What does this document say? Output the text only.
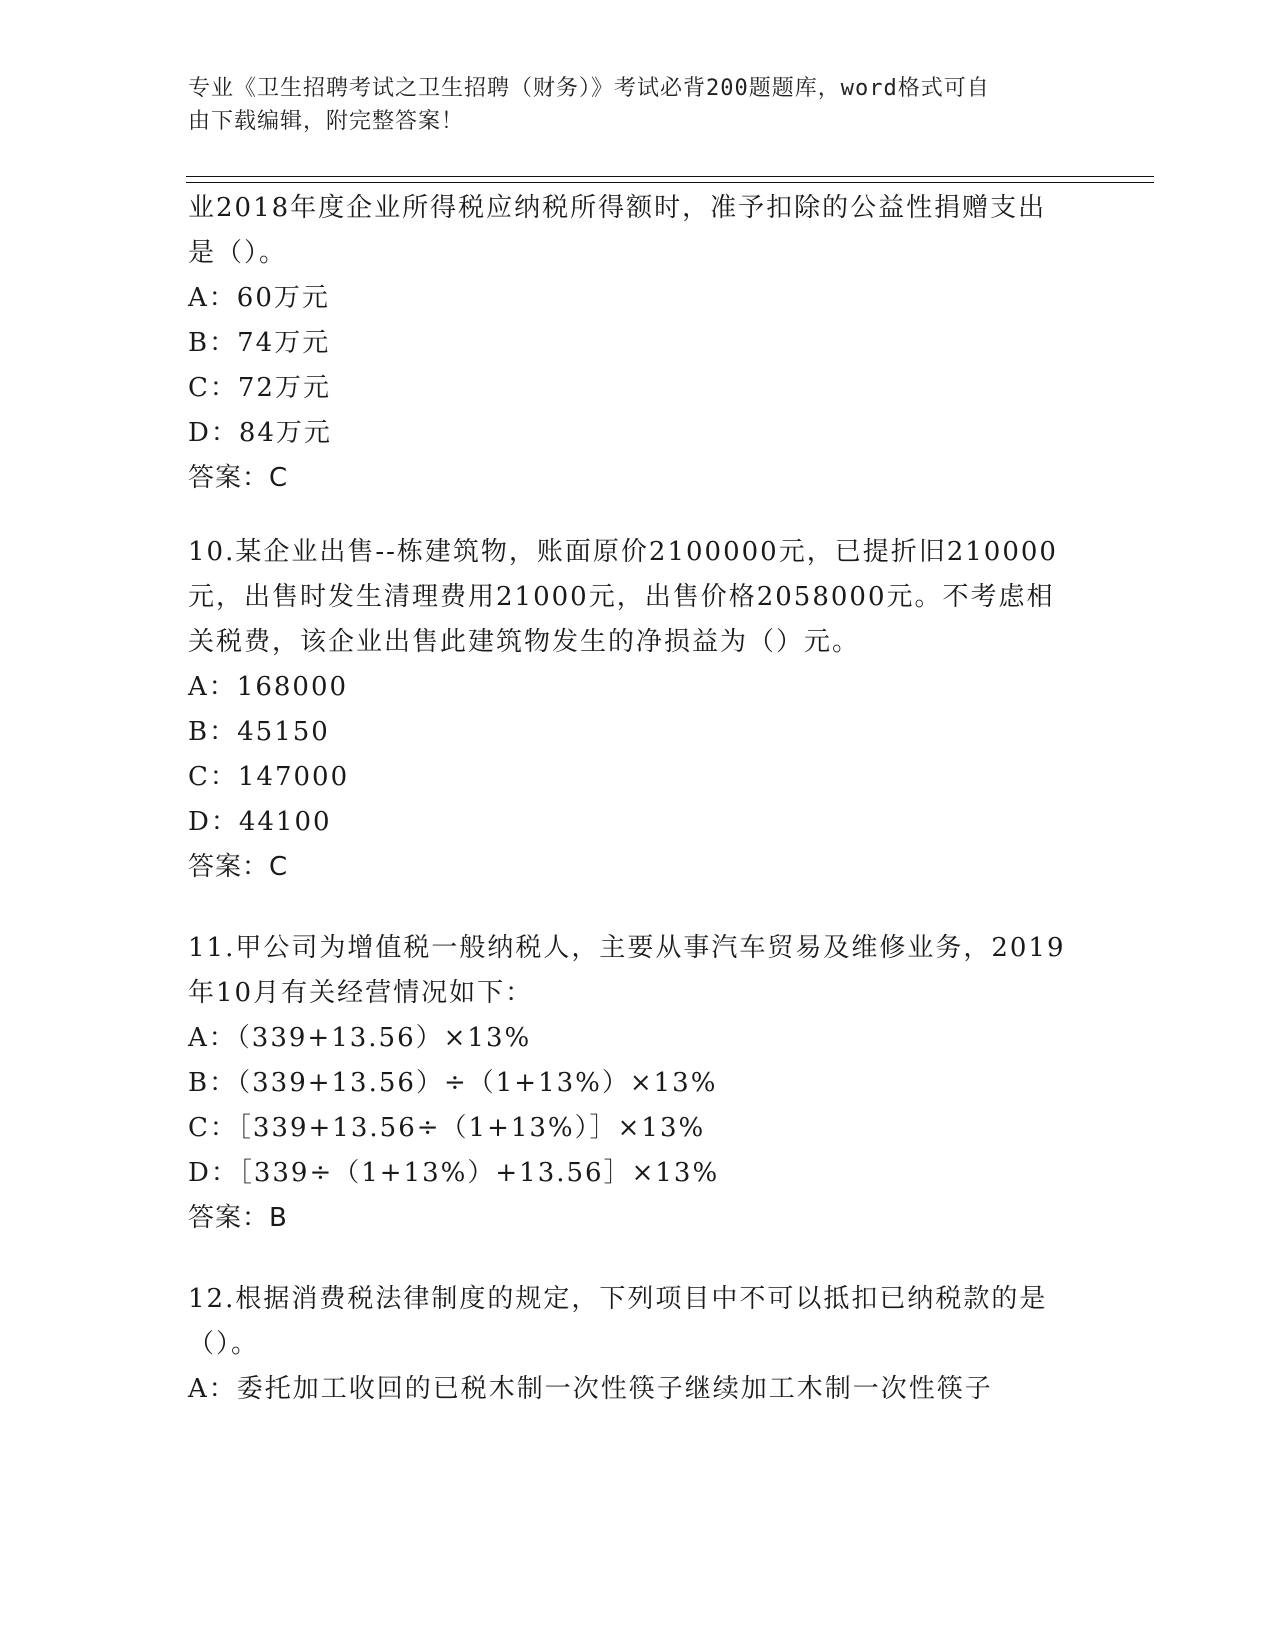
专业《卫生招聘考试之卫生招聘（财务）》考试必背200题题库，word格式可自
由下载编辑，附完整答案！
业2018年度企业所得税应纳税所得额时，准予扣除的公益性捐赠支出
是（）。
A：60万元
B：74万元
C：72万元
D：84万元
答案：C
10.某企业出售--栋建筑物，账面原价2100000元，已提折旧210000
元，出售时发生清理费用21000元，出售价格2058000元。不考虑相
关税费，该企业出售此建筑物发生的净损益为（）元。
A：168000
B：45150
C：147000
D：44100
答案：C
11.甲公司为增值税一般纳税人，主要从事汽车贸易及维修业务，2019
年10月有关经营情况如下：
A：（339+13.56）×13%
B：（339+13.56）÷（1+13%）×13%
C：［339+13.56÷（1+13%）］×13%
D：［339÷（1+13%）+13.56］×13%
答案：B
12.根据消费税法律制度的规定，下列项目中不可以抵扣已纳税款的是
（）。
A：委托加工收回的已税木制一次性筷子继续加工木制一次性筷子
